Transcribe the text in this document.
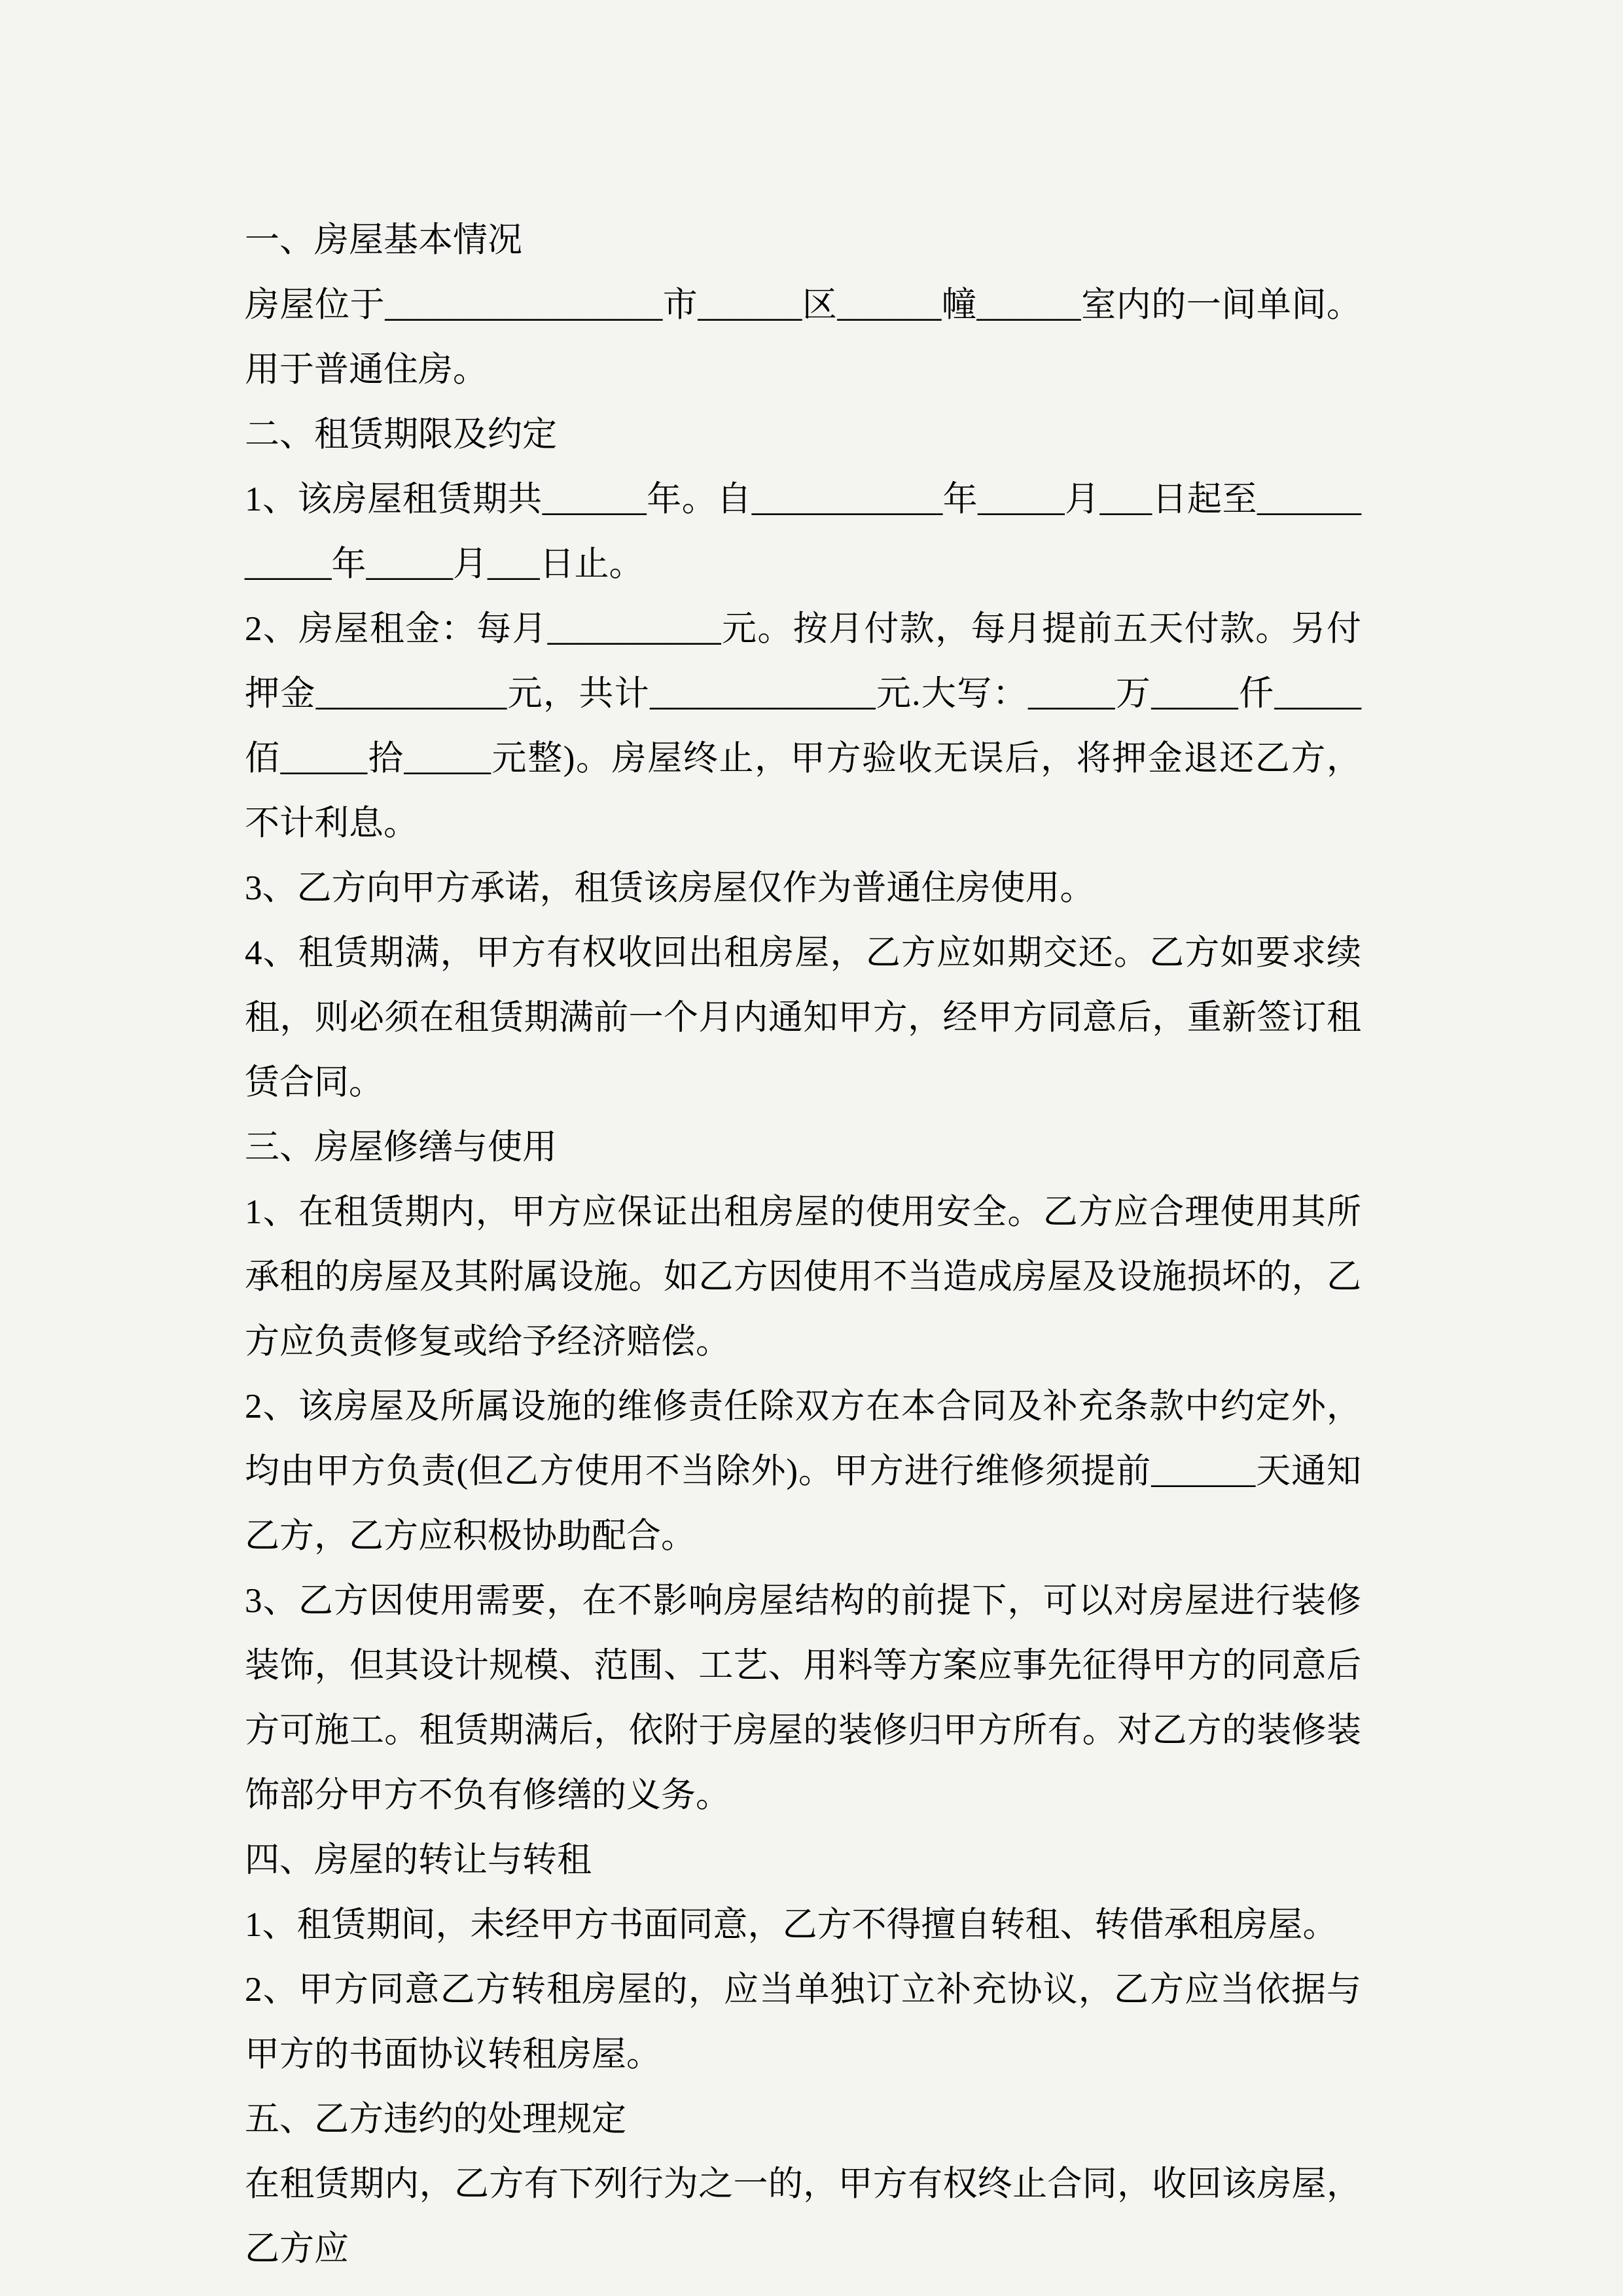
一、房屋基本情况

房屋位于________________市______区______幢______室内的一间单间。用于普通住房。

二、租赁期限及约定

1、该房屋租赁期共______年。自___________年_____月___日起至___________年_____月___日止。

2、房屋租金：每月__________元。按月付款，每月提前五天付款。另付押金___________元，共计_____________元.大写：_____万_____仟_____佰_____拾_____元整)。房屋终止，甲方验收无误后，将押金退还乙方，不计利息。

3、乙方向甲方承诺，租赁该房屋仅作为普通住房使用。

4、租赁期满，甲方有权收回出租房屋，乙方应如期交还。乙方如要求续租，则必须在租赁期满前一个月内通知甲方，经甲方同意后，重新签订租赁合同。

三、房屋修缮与使用

1、在租赁期内，甲方应保证出租房屋的使用安全。乙方应合理使用其所承租的房屋及其附属设施。如乙方因使用不当造成房屋及设施损坏的，乙方应负责修复或给予经济赔偿。

2、该房屋及所属设施的维修责任除双方在本合同及补充条款中约定外，均由甲方负责(但乙方使用不当除外)。甲方进行维修须提前______天通知乙方，乙方应积极协助配合。

3、乙方因使用需要，在不影响房屋结构的前提下，可以对房屋进行装修装饰，但其设计规模、范围、工艺、用料等方案应事先征得甲方的同意后方可施工。租赁期满后，依附于房屋的装修归甲方所有。对乙方的装修装饰部分甲方不负有修缮的义务。

四、房屋的转让与转租

1、租赁期间，未经甲方书面同意，乙方不得擅自转租、转借承租房屋。

2、甲方同意乙方转租房屋的，应当单独订立补充协议，乙方应当依据与甲方的书面协议转租房屋。

五、乙方违约的处理规定

在租赁期内，乙方有下列行为之一的，甲方有权终止合同，收回该房屋，乙方应
